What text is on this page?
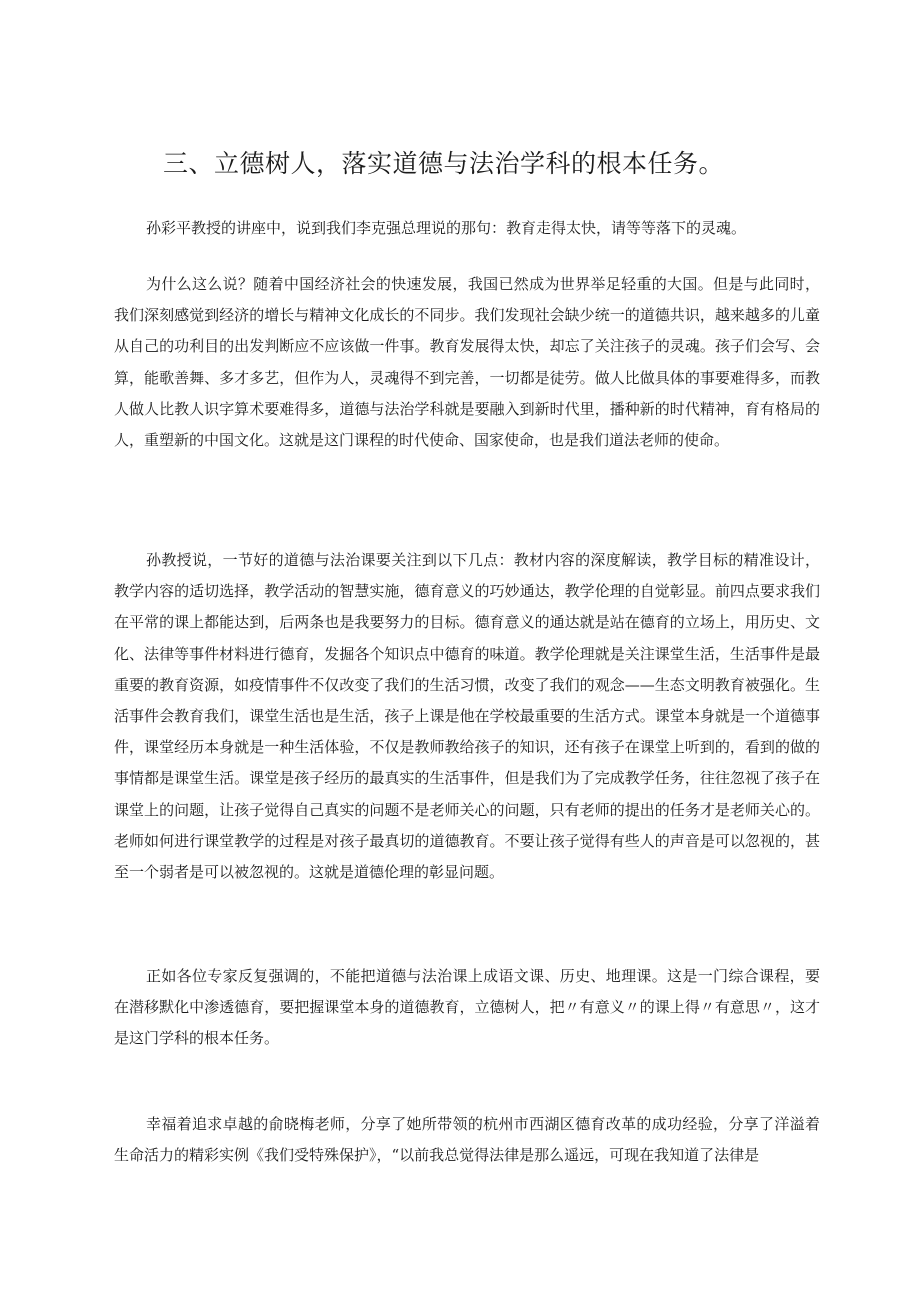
三、立德树人，落实道德与法治学科的根本任务。

孙彩平教授的讲座中，说到我们李克强总理说的那句：教育走得太快，请等等落下的灵魂。

为什么这么说？随着中国经济社会的快速发展，我国已然成为世界举足轻重的大国。但是与此同时，我们深刻感觉到经济的增长与精神文化成长的不同步。我们发现社会缺少统一的道德共识，越来越多的儿童从自己的功利目的出发判断应不应该做一件事。教育发展得太快，却忘了关注孩子的灵魂。孩子们会写、会算，能歌善舞、多才多艺，但作为人，灵魂得不到完善，一切都是徒劳。做人比做具体的事要难得多，而教人做人比教人识字算术要难得多，道德与法治学科就是要融入到新时代里，播种新的时代精神，育有格局的人，重塑新的中国文化。这就是这门课程的时代使命、国家使命，也是我们道法老师的使命。

孙教授说，一节好的道德与法治课要关注到以下几点：教材内容的深度解读，教学目标的精准设计，教学内容的适切选择，教学活动的智慧实施，德育意义的巧妙通达，教学伦理的自觉彰显。前四点要求我们在平常的课上都能达到，后两条也是我要努力的目标。德育意义的通达就是站在德育的立场上，用历史、文化、法律等事件材料进行德育，发掘各个知识点中德育的味道。教学伦理就是关注课堂生活，生活事件是最重要的教育资源，如疫情事件不仅改变了我们的生活习惯，改变了我们的观念——生态文明教育被强化。生活事件会教育我们，课堂生活也是生活，孩子上课是他在学校最重要的生活方式。课堂本身就是一个道德事件，课堂经历本身就是一种生活体验，不仅是教师教给孩子的知识，还有孩子在课堂上听到的，看到的做的事情都是课堂生活。课堂是孩子经历的最真实的生活事件，但是我们为了完成教学任务，往往忽视了孩子在课堂上的问题，让孩子觉得自己真实的问题不是老师关心的问题，只有老师的提出的任务才是老师关心的。老师如何进行课堂教学的过程是对孩子最真切的道德教育。不要让孩子觉得有些人的声音是可以忽视的，甚至一个弱者是可以被忽视的。这就是道德伦理的彰显问题。

正如各位专家反复强调的，不能把道德与法治课上成语文课、历史、地理课。这是一门综合课程，要在潜移默化中渗透德育，要把握课堂本身的道德教育，立德树人，把〃有意义〃的课上得〃有意思〃，这才是这门学科的根本任务。

幸福着追求卓越的俞晓梅老师，分享了她所带领的杭州市西湖区德育改革的成功经验，分享了洋溢着生命活力的精彩实例《我们受特殊保护》，“以前我总觉得法律是那么遥远，可现在我知道了法律是
